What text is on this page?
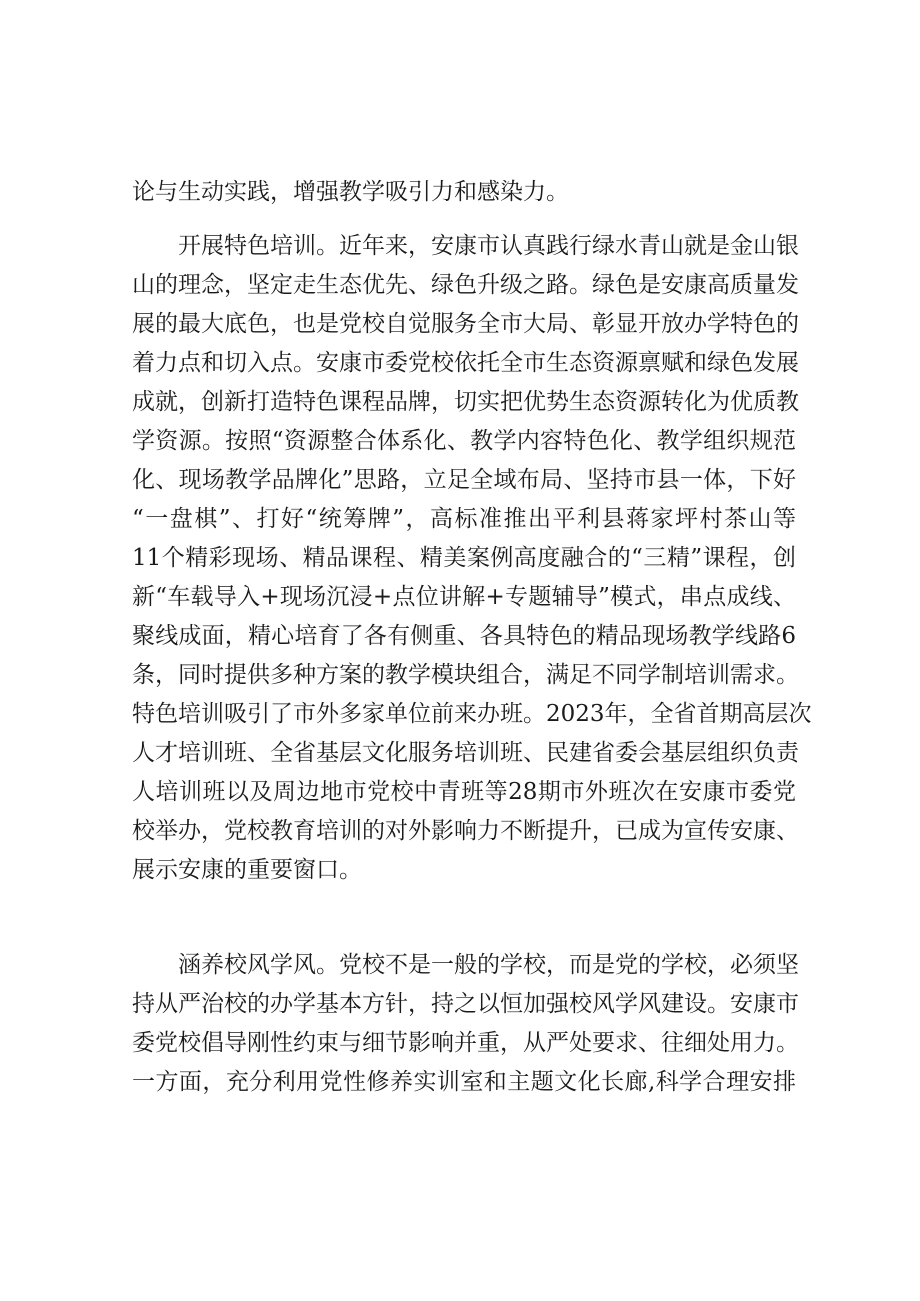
论与生动实践，增强教学吸引力和感染力。
开展特色培训。近年来，安康市认真践行绿水青山就是金山银
山的理念，坚定走生态优先、绿色升级之路。绿色是安康高质量发
展的最大底色，也是党校自觉服务全市大局、彰显开放办学特色的
着力点和切入点。安康市委党校依托全市生态资源禀赋和绿色发展
成就，创新打造特色课程品牌，切实把优势生态资源转化为优质教
学资源。按照“资源整合体系化、教学内容特色化、教学组织规范
化、现场教学品牌化”思路，立足全域布局、坚持市县一体，下好
“一盘棋”、打好“统筹牌”，高标准推出平利县蒋家坪村茶山等
11个精彩现场、精品课程、精美案例高度融合的“三精”课程，创
新“车载导入+现场沉浸+点位讲解+专题辅导”模式，串点成线、
聚线成面，精心培育了各有侧重、各具特色的精品现场教学线路6
条，同时提供多种方案的教学模块组合，满足不同学制培训需求。
特色培训吸引了市外多家单位前来办班。2023年，全省首期高层次
人才培训班、全省基层文化服务培训班、民建省委会基层组织负责
人培训班以及周边地市党校中青班等28期市外班次在安康市委党
校举办，党校教育培训的对外影响力不断提升，已成为宣传安康、
展示安康的重要窗口。
涵养校风学风。党校不是一般的学校，而是党的学校，必须坚
持从严治校的办学基本方针，持之以恒加强校风学风建设。安康市
委党校倡导刚性约束与细节影响并重，从严处要求、往细处用力。
一方面，充分利用党性修养实训室和主题文化长廊,科学合理安排
